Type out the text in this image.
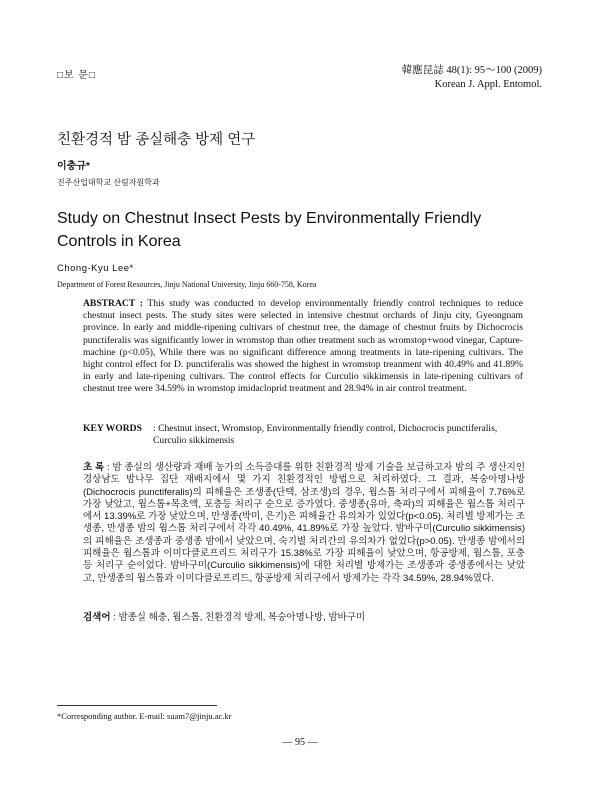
□보 문□	韓應昆誌 48(1): 95～100 (2009)
Korean J. Appl. Entomol.
친환경적 밤 종실해충 방제 연구
이충규*
진주산업대학교 산림자원학과
Study on Chestnut Insect Pests by Environmentally Friendly Controls in Korea
Chong-Kyu Lee*
Department of Forest Resources, Jinju National University, Jinju 660-758, Korea
ABSTRACT : This study was conducted to develop environmentally friendly control techniques to reduce chestnut insect pests. The study sites were selected in intensive chestnut orchards of Jinju city, Gyeongnam province. In early and middle-ripening cultivars of chestnut tree, the damage of chestnut fruits by Dichocrocis punctiferalis was significantly lower in wromstop than other treatment such as wromstop+wood vinegar, Capture-machine (p<0.05), While there was no significant difference among treatments in late-ripening cultivars. The hight control effect for D. punctiferalis was showed the highest in wromstop treanment with 40.49% and 41.89% in early and late-ripening cultivars. The control effects for Curculio sikkimensis in late-ripening cultivars of chestnut tree were 34.59% in wromstop imidacloprid treatment and 28.94% in air control treatment.
KEY WORDS : Chestnut insect, Wromstop, Environmentally friendly control, Dichocrocis punctiferalis, Curculio sikkimensis
초 록 : 밤 종실의 생산량과 재배 농가의 소득증대를 위한 친환경적 방제 기술을 보급하고자 밤의 주 생산지인 경상남도 밤나무 집단 재배지에서 몇 가지 친환경적인 방법으로 처리하였다. 그 결과, 복숭아명나방(Dichocrocis punctiferalis)의 피해율은 조생종(단택, 삼조생)의 경우, 웜스톱 처리구에서 피해율이 7.76%로 가장 낮았고, 웜스톱+목초액, 포충등 처리구 순으로 증가였다. 중생종(유마, 축파)의 피해율은 웜스톱 처리구에서 13.39%로 가장 낮았으며, 만생종(박미, 은기)은 피해율간 유의차가 있었다(p<0.05). 처리별 방제가는 조생종, 만생종 밤의 웜스톱 처리구에서 각각 40.49%, 41.89%로 가장 높았다. 밤바구미(Curculio sikkimensis)의 피해율은 조생종과 중생종 밤에서 낮았으며, 숙기별 처리간의 유의차가 없었다(p>0.05). 만생종 밤에서의 피해율은 웜스톱과 이미다클로프리드 처리구가 15.38%로 가장 피해율이 낮았으며, 항공방제, 웜스톱, 포충등 처리구 순이었다. 밤바구미(Curculio sikkimensis)에 대한 처리별 방제가는 조생종과 중생종에서는 낮았고, 만생종의 웜스톱과 이미다클로프리드, 항공방제 처리구에서 방제가는 각각 34.59%, 28.94%였다.
검색어 : 밤종실 해충, 웜스톱, 친환경적 방제, 복숭아명나방, 밤바구미
*Corresponding author. E-mail: suam7@jinju.ac.kr
— 95 —
